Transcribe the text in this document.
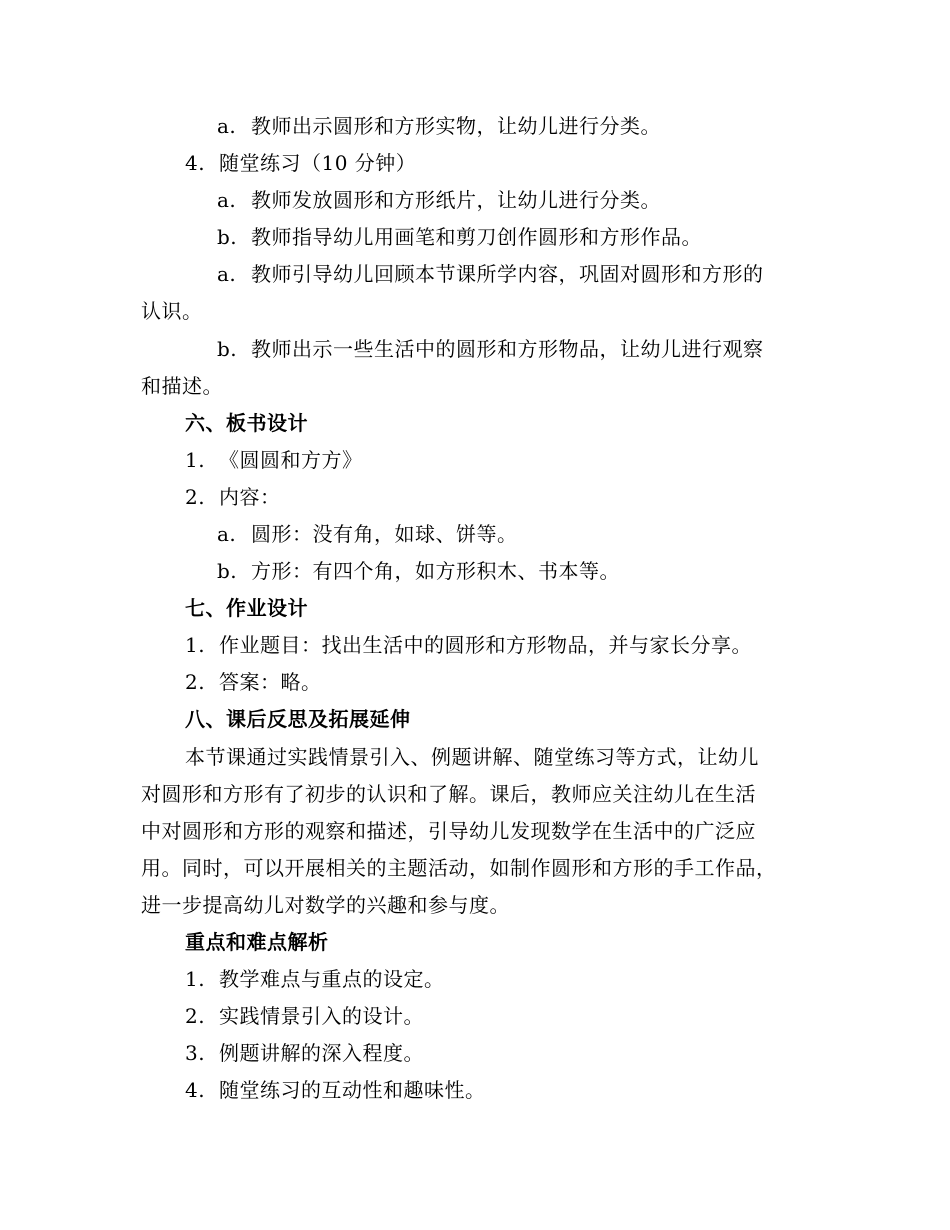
a. 教师出示圆形和方形实物，让幼儿进行分类。
4. 随堂练习（10 分钟）
a. 教师发放圆形和方形纸片，让幼儿进行分类。
b. 教师指导幼儿用画笔和剪刀创作圆形和方形作品。
a. 教师引导幼儿回顾本节课所学内容，巩固对圆形和方形的
认识。
b. 教师出示一些生活中的圆形和方形物品，让幼儿进行观察
和描述。
六、板书设计
1. 《圆圆和方方》
2. 内容：
a. 圆形：没有角，如球、饼等。
b. 方形：有四个角，如方形积木、书本等。
七、作业设计
1. 作业题目：找出生活中的圆形和方形物品，并与家长分享。
2. 答案：略。
八、课后反思及拓展延伸
本节课通过实践情景引入、例题讲解、随堂练习等方式，让幼儿
对圆形和方形有了初步的认识和了解。课后，教师应关注幼儿在生活
中对圆形和方形的观察和描述，引导幼儿发现数学在生活中的广泛应
用。同时，可以开展相关的主题活动，如制作圆形和方形的手工作品，
进一步提高幼儿对数学的兴趣和参与度。
重点和难点解析
1. 教学难点与重点的设定。
2. 实践情景引入的设计。
3. 例题讲解的深入程度。
4. 随堂练习的互动性和趣味性。
